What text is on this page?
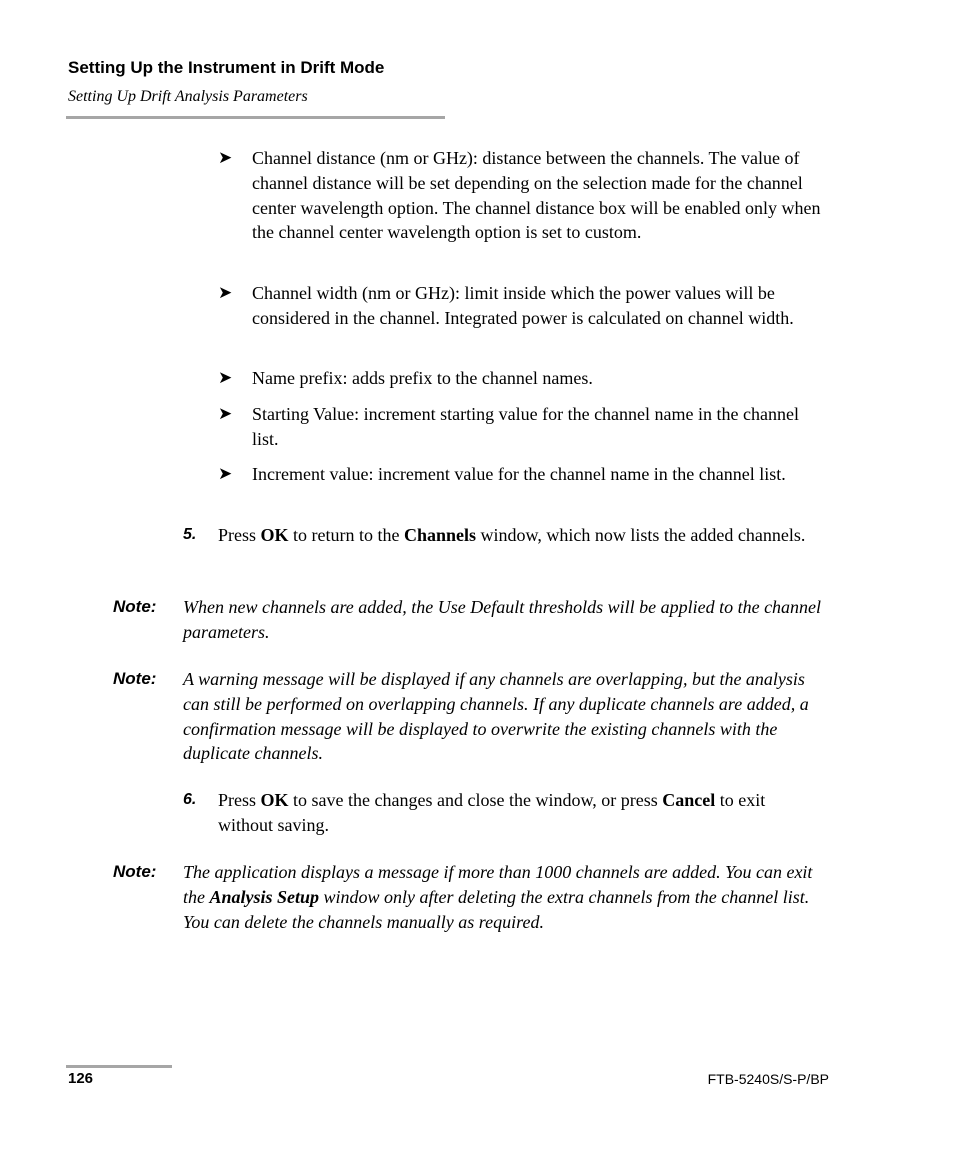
Setting Up the Instrument in Drift Mode
Setting Up Drift Analysis Parameters
➤ Channel distance (nm or GHz): distance between the channels. The value of channel distance will be set depending on the selection made for the channel center wavelength option. The channel distance box will be enabled only when the channel center wavelength option is set to custom.
➤ Channel width (nm or GHz): limit inside which the power values will be considered in the channel. Integrated power is calculated on channel width.
➤ Name prefix: adds prefix to the channel names.
➤ Starting Value: increment starting value for the channel name in the channel list.
➤ Increment value: increment value for the channel name in the channel list.
5. Press OK to return to the Channels window, which now lists the added channels.
Note: When new channels are added, the Use Default thresholds will be applied to the channel parameters.
Note: A warning message will be displayed if any channels are overlapping, but the analysis can still be performed on overlapping channels. If any duplicate channels are added, a confirmation message will be displayed to overwrite the existing channels with the duplicate channels.
6. Press OK to save the changes and close the window, or press Cancel to exit without saving.
Note: The application displays a message if more than 1000 channels are added. You can exit the Analysis Setup window only after deleting the extra channels from the channel list. You can delete the channels manually as required.
126	FTB-5240S/S-P/BP
